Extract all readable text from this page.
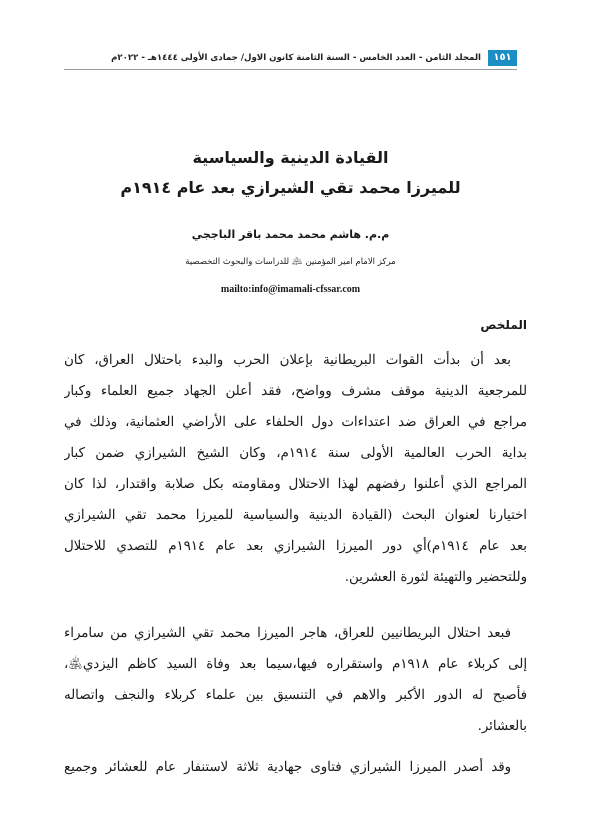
١٥١
المجلد الثامن - العدد الخامس - السنة الثامنة كانون الاول/ جمادى الأولى ١٤٤٤هـ - ٢٠٢٢م
القيادة الدينية والسياسية
للميرزا محمد تقي الشيرازي بعد عام ١٩١٤م
م.م. هاشم محمد محمد باقر الباججي
مركز الامام امير المؤمنين ﵇ للدراسات والبحوث التخصصية
mailto:info@imamali-cfssar.com
الملخص
بعد أن بدأت القوات البريطانية بإعلان الحرب والبدء باحتلال العراق، كان
للمرجعية الدينية موقف مشرف وواضح، فقد أعلن الجهاد جميع العلماء وكبار
مراجع في العراق ضد اعتداءات دول الحلفاء على الأراضي العثمانية، وذلك في
بداية الحرب العالمية الأولى سنة ١٩١٤م، وكان الشيخ الشيرازي ضمن كبار
المراجع الذي أعلنوا رفضهم لهذا الاحتلال ومقاومته بكل صلابة واقتدار، لذا كان
اختيارنا لعنوان البحث (القيادة الدينية والسياسية للميرزا محمد تقي الشيرازي
بعد عام ١٩١٤م)أي دور الميرزا الشيرازي بعد عام ١٩١٤م للتصدي للاحتلال
وللتحضير والتهيئة لثورة العشرين.
فبعد احتلال البريطانيين للعراق، هاجر الميرزا محمد تقي الشيرازي من سامراء
إلى كربلاء عام ١٩١٨م واستقراره فيها،سيما بعد وفاة السيد كاظم اليزدي﵁،
فأصبح له الدور الأكبر والاهم في التنسيق بين علماء كربلاء والنجف واتصاله
بالعشائر.
وقد أصدر الميرزا الشيرازي فتاوى جهادية ثلاثة لاستنفار عام للعشائر وجميع
